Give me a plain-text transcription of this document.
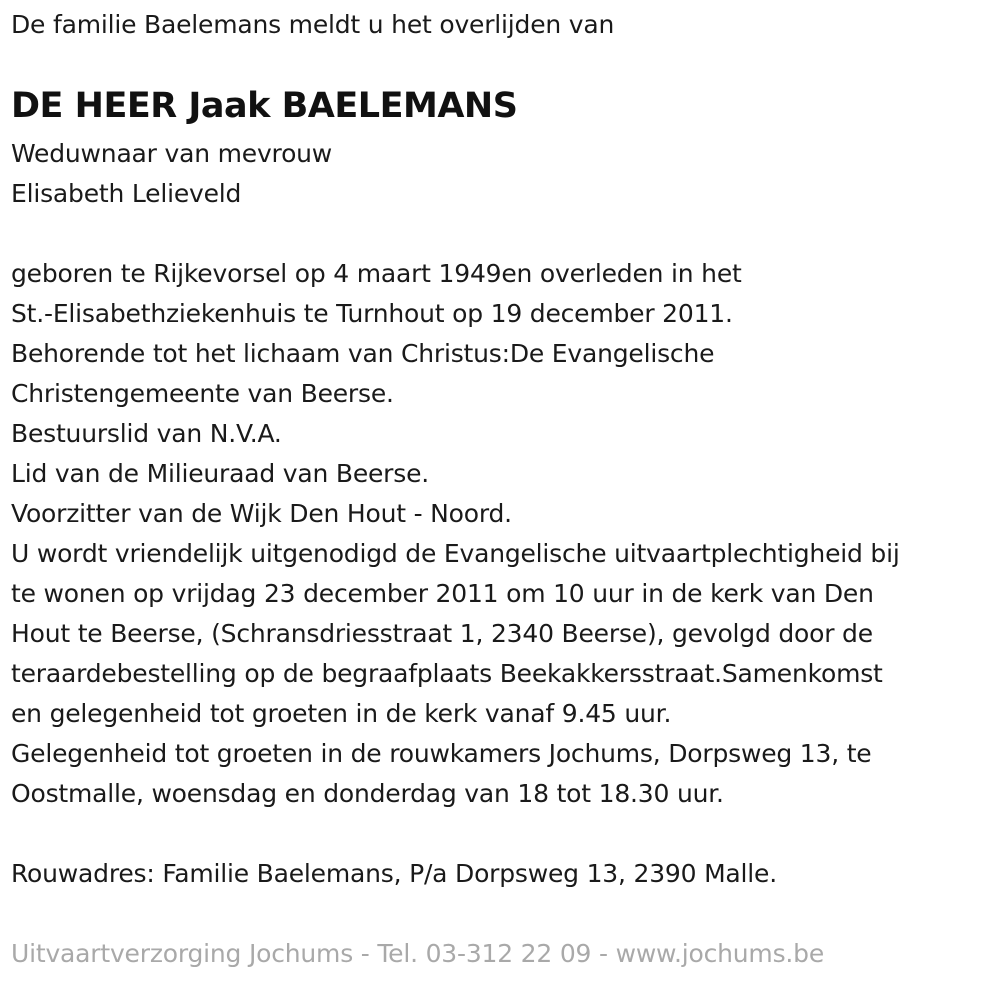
De familie Baelemans meldt u het overlijden van
DE HEER Jaak BAELEMANS
Weduwnaar van mevrouw
Elisabeth Lelieveld
geboren te Rijkevorsel op 4 maart 1949en overleden in het
St.-Elisabethziekenhuis te Turnhout op 19 december 2011.
Behorende tot het lichaam van Christus:De Evangelische
Christengemeente van Beerse.
Bestuurslid van N.V.A.
Lid van de Milieuraad van Beerse.
Voorzitter van de Wijk Den Hout - Noord.
U wordt vriendelijk uitgenodigd de Evangelische uitvaartplechtigheid bij
te wonen op vrijdag 23 december 2011 om 10 uur in de kerk van Den
Hout te Beerse, (Schransdriesstraat 1, 2340 Beerse), gevolgd door de
teraardebestelling op de begraafplaats Beekakkersstraat.Samenkomst
en gelegenheid tot groeten in de kerk vanaf 9.45 uur.
Gelegenheid tot groeten in de rouwkamers Jochums, Dorpsweg 13, te
Oostmalle, woensdag en donderdag van 18 tot 18.30 uur.
Rouwadres: Familie Baelemans, P/a Dorpsweg 13, 2390 Malle.
Uitvaartverzorging Jochums - Tel. 03-312 22 09 - www.jochums.be
